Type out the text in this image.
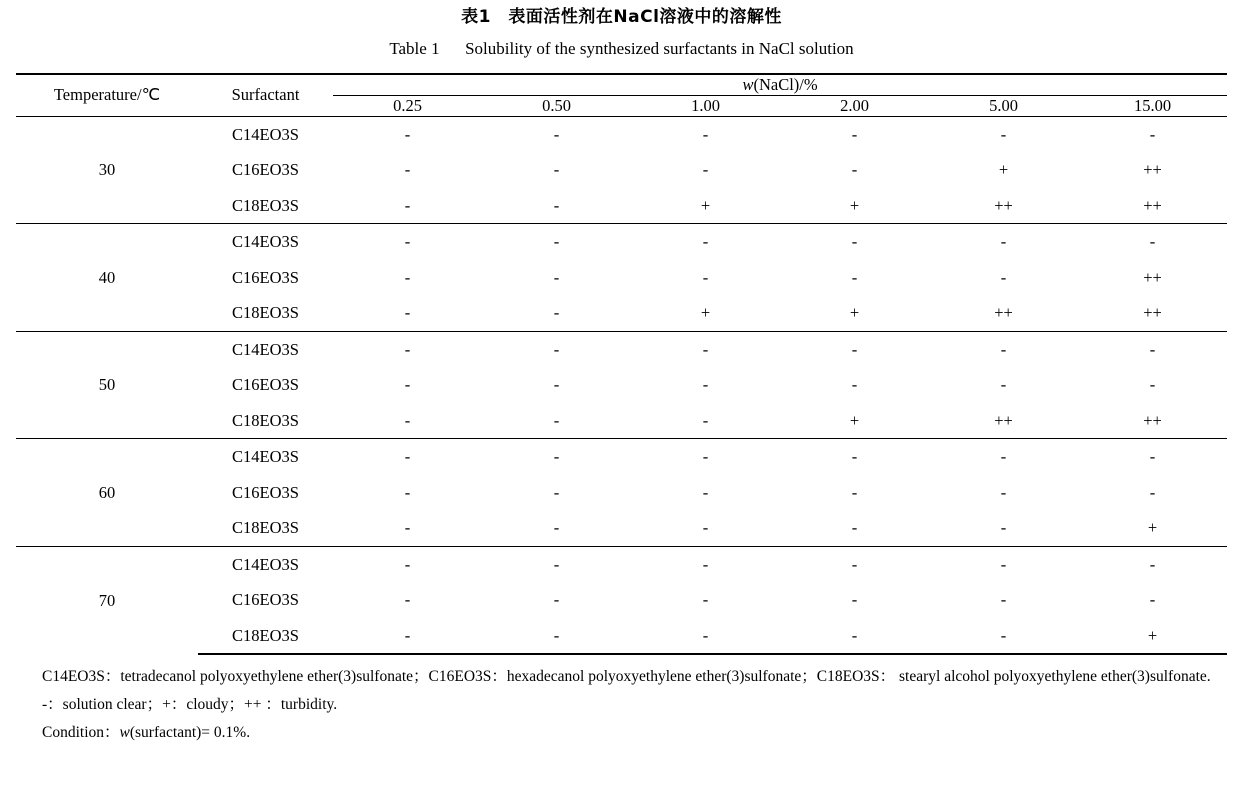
表1　表面活性剂在NaCl溶液中的溶解性
Table 1 Solubility of the synthesized surfactants in NaCl solution
Temperature/℃	Surfactant	w(NaCl)/%					
		0.25	0.50	1.00	2.00	5.00	15.00
30	C14EO3S	-	-	-	-	-	-
	C16EO3S	-	-	-	-	+	++
	C18EO3S	-	-	+	+	++	++
40	C14EO3S	-	-	-	-	-	-
	C16EO3S	-	-	-	-	-	++
	C18EO3S	-	-	+	+	++	++
50	C14EO3S	-	-	-	-	-	-
	C16EO3S	-	-	-	-	-	-
	C18EO3S	-	-	-	+	++	++
60	C14EO3S	-	-	-	-	-	-
	C16EO3S	-	-	-	-	-	-
	C18EO3S	-	-	-	-	-	+
70	C14EO3S	-	-	-	-	-	-
	C16EO3S	-	-	-	-	-	-
	C18EO3S	-	-	-	-	-	+

C14EO3S：tetradecanol polyoxyethylene ether(3)sulfonate；C16EO3S：hexadecanol polyoxyethylene ether(3)sulfonate；C18EO3S： stearyl alcohol polyoxyethylene ether(3)sulfonate.

-：solution clear；+：cloudy；++ ：turbidity.

Condition：w(surfactant)= 0.1%.
